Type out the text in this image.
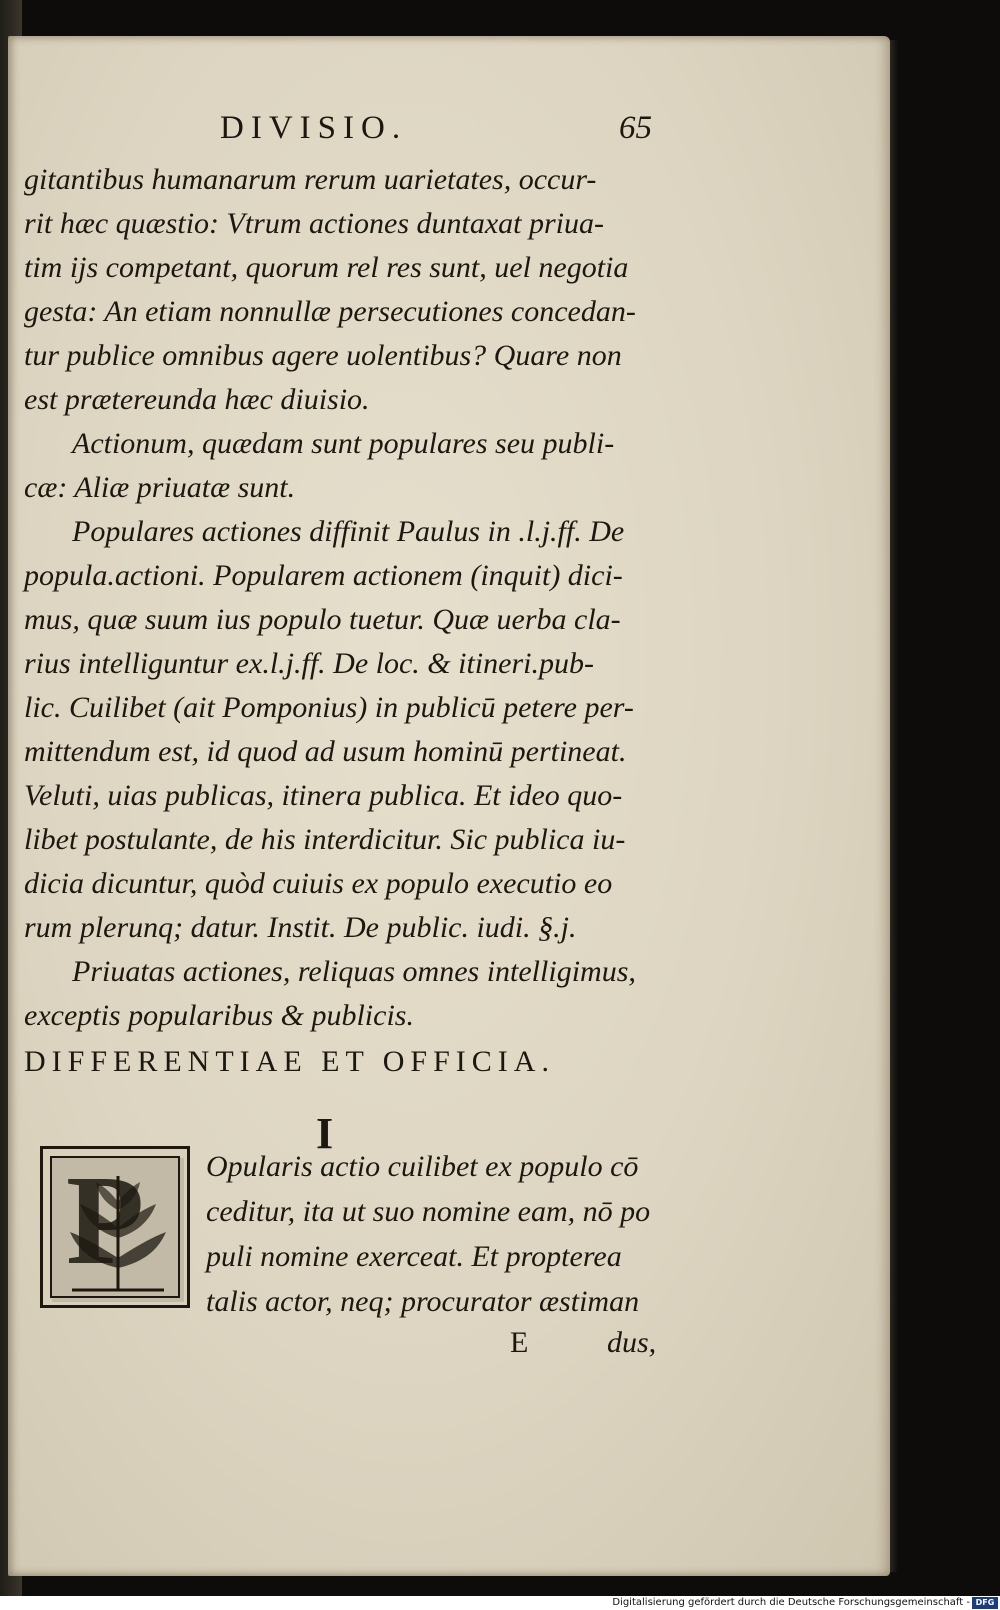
DIVISIO.	65
gitantibus humanarum rerum uarietates, occur-
rit hæc quæstio: Vtrum actiones duntaxat priua-
tim ijs competant, quorum rel res sunt, uel negotia
gesta: An etiam nonnullæ persecutiones concedan-
tur publice omnibus agere uolentibus? Quare non
est prætereunda hæc diuisio.
Actionum, quædam sunt populares seu publi-
cæ: Aliæ priuatæ sunt.
Populares actiones diffinit Paulus in .l.j.ff. De
popula.actioni. Popularem actionem (inquit) dici-
mus, quæ suum ius populo tuetur. Quæ uerba cla-
rius intelliguntur ex.l.j.ff. De loc. & itineri.pub-
lic. Cuilibet (ait Pomponius) in publicū petere per-
mittendum est, id quod ad usum hominū pertineat.
Veluti, uias publicas, itinera publica. Et ideo quo-
libet postulante, de his interdicitur. Sic publica iu-
dicia dicuntur, quòd cuiuis ex populo executio eo
rum plerunq; datur. Instit. De public. iudi. §.j.
Priuatas actiones, reliquas omnes intelligimus,
exceptis popularibus & publicis.
DIFFERENTIAE ET OFFICIA.
I
P Opularis actio cuilibet ex populo cō
ceditur, ita ut suo nomine eam, nō po
puli nomine exerceat. Et propterea
talis actor, neq; procurator æstiman
E	dus,
Digitalisierung gefördert durch die Deutsche Forschungsgemeinschaft - DFG
